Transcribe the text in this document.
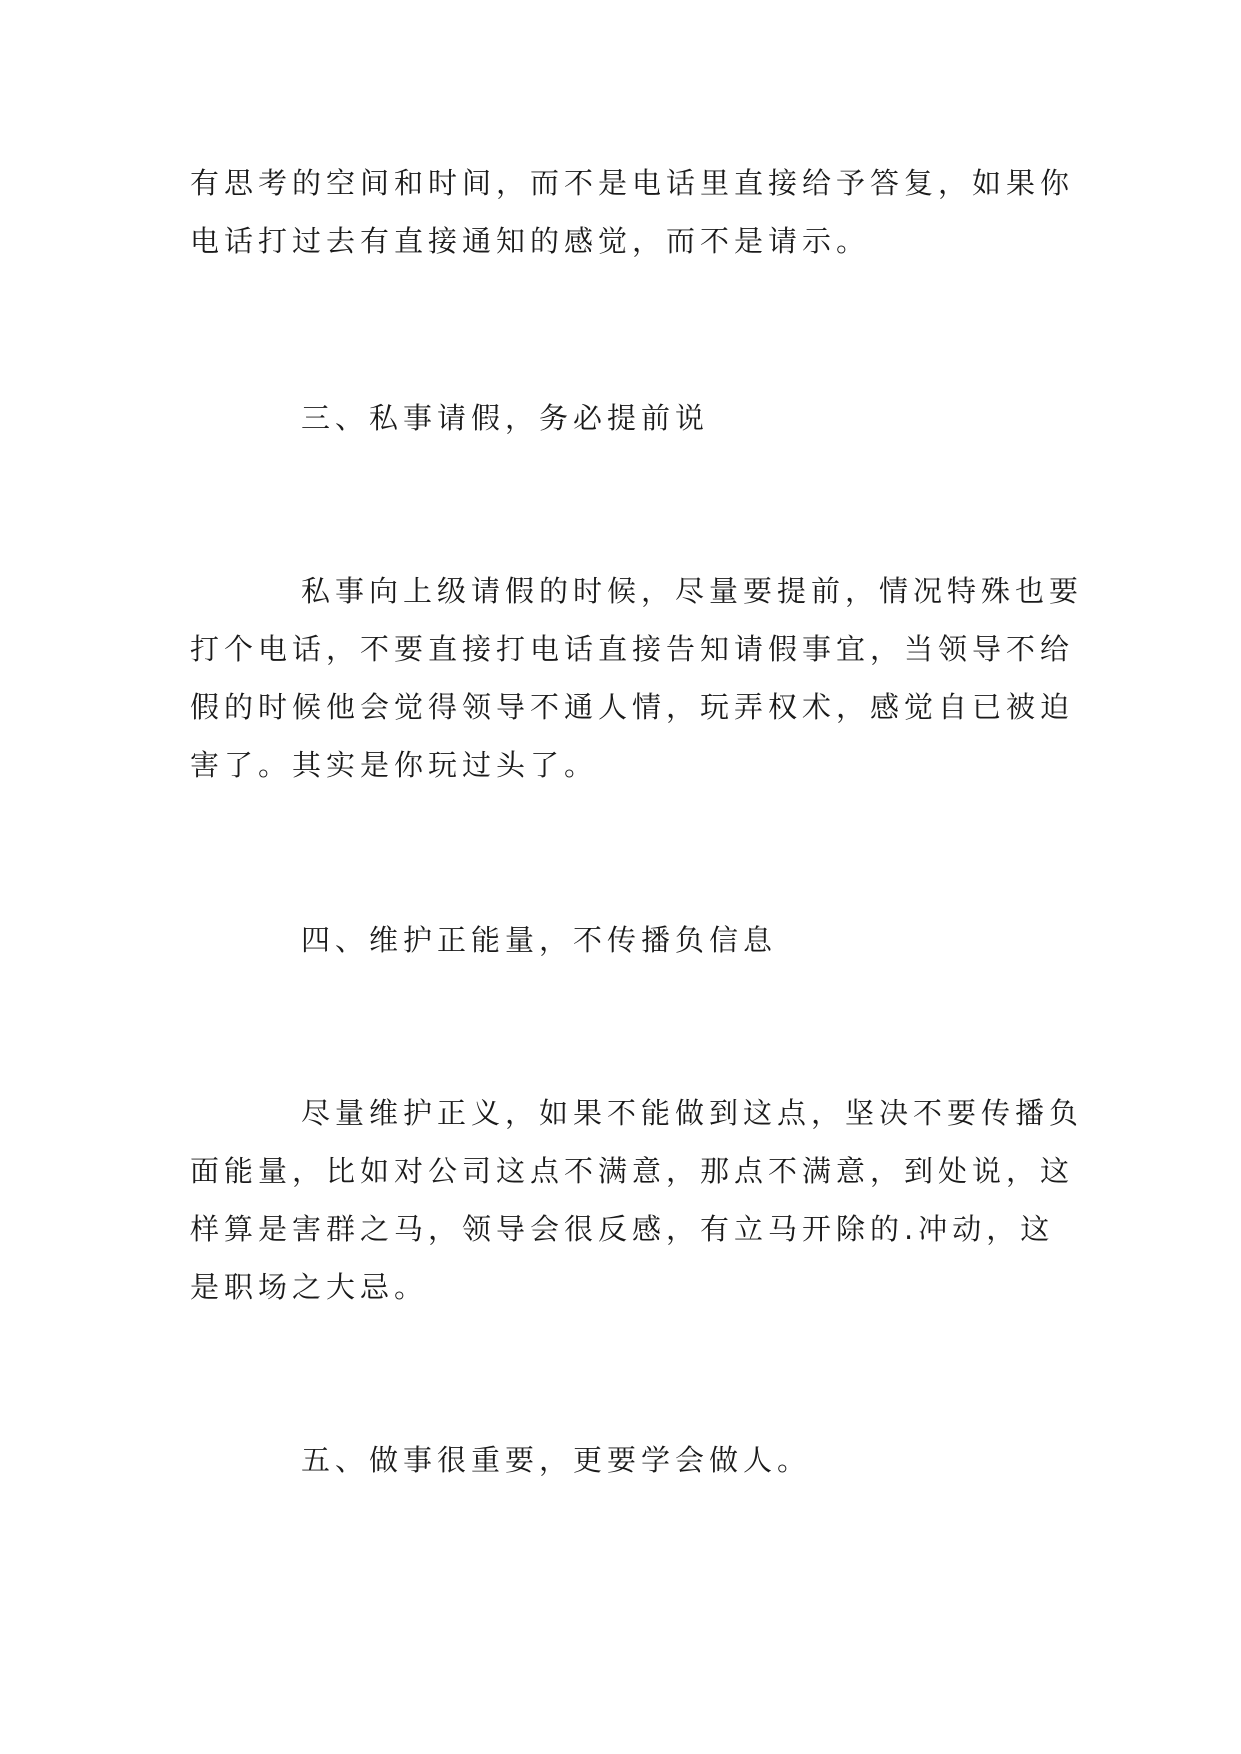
有思考的空间和时间，而不是电话里直接给予答复，如果你
电话打过去有直接通知的感觉，而不是请示。

三、私事请假，务必提前说

私事向上级请假的时候，尽量要提前，情况特殊也要
打个电话，不要直接打电话直接告知请假事宜，当领导不给
假的时候他会觉得领导不通人情，玩弄权术，感觉自已被迫
害了。其实是你玩过头了。

四、维护正能量，不传播负信息

尽量维护正义，如果不能做到这点，坚决不要传播负
面能量，比如对公司这点不满意，那点不满意，到处说，这
样算是害群之马，领导会很反感，有立马开除的.冲动，这
是职场之大忌。

五、做事很重要，更要学会做人。
